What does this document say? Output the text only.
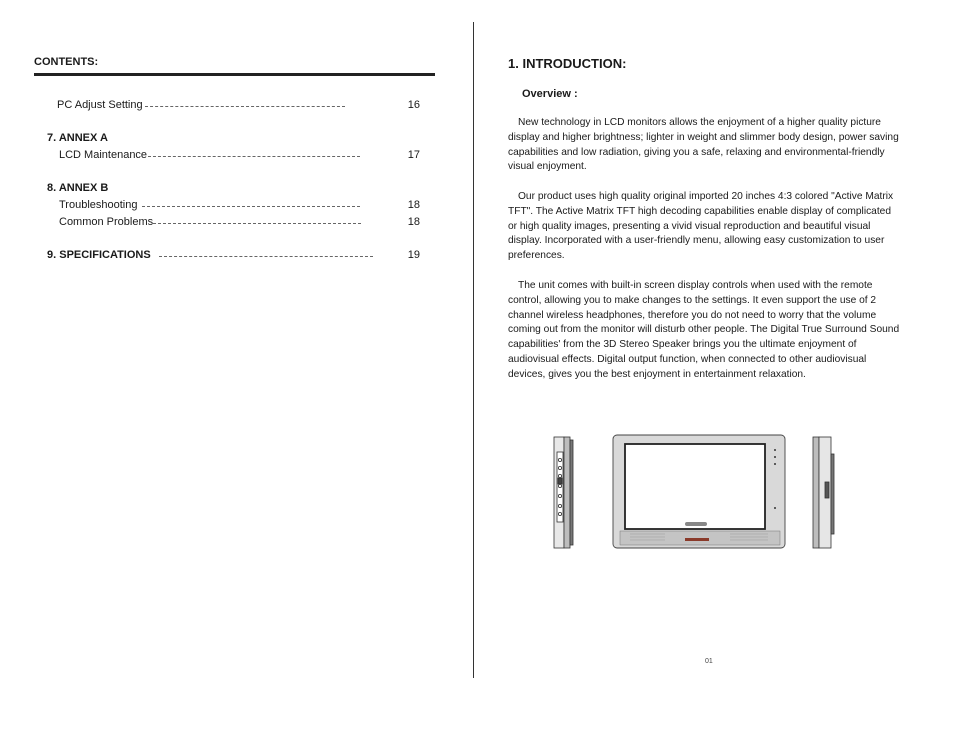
CONTENTS:
PC Adjust Setting	16
7. ANNEX A
LCD Maintenance	17
8. ANNEX B
Troubleshooting	18
Common Problems	18
9. SPECIFICATIONS	19
1. INTRODUCTION:
Overview :

New technology in LCD monitors allows the enjoyment of a higher quality picture display and higher brightness; lighter in weight and slimmer body design, power saving capabilities and low radiation, giving you a safe, relaxing and environmental-friendly visual enjoyment.

Our product uses high quality original imported 20 inches 4:3 colored "Active Matrix TFT". The Active Matrix TFT high decoding capabilities enable display of complicated or high quality images, presenting a vivid visual reproduction and beautiful visual display. Incorporated with a user-friendly menu, allowing easy customization to user preferences.

The unit comes with built-in screen display controls when used with the remote control, allowing you to make changes to the settings. It even support the use of 2 channel wireless headphones, therefore you do not need to worry that the volume coming out from the monitor will disturb other people. The Digital True Surround Sound capabilities' from the 3D Stereo Speaker brings you the ultimate enjoyment of audiovisual effects. Digital output function, when connected to other audiovisual devices, gives you the best enjoyment in entertainment relaxation.

01
